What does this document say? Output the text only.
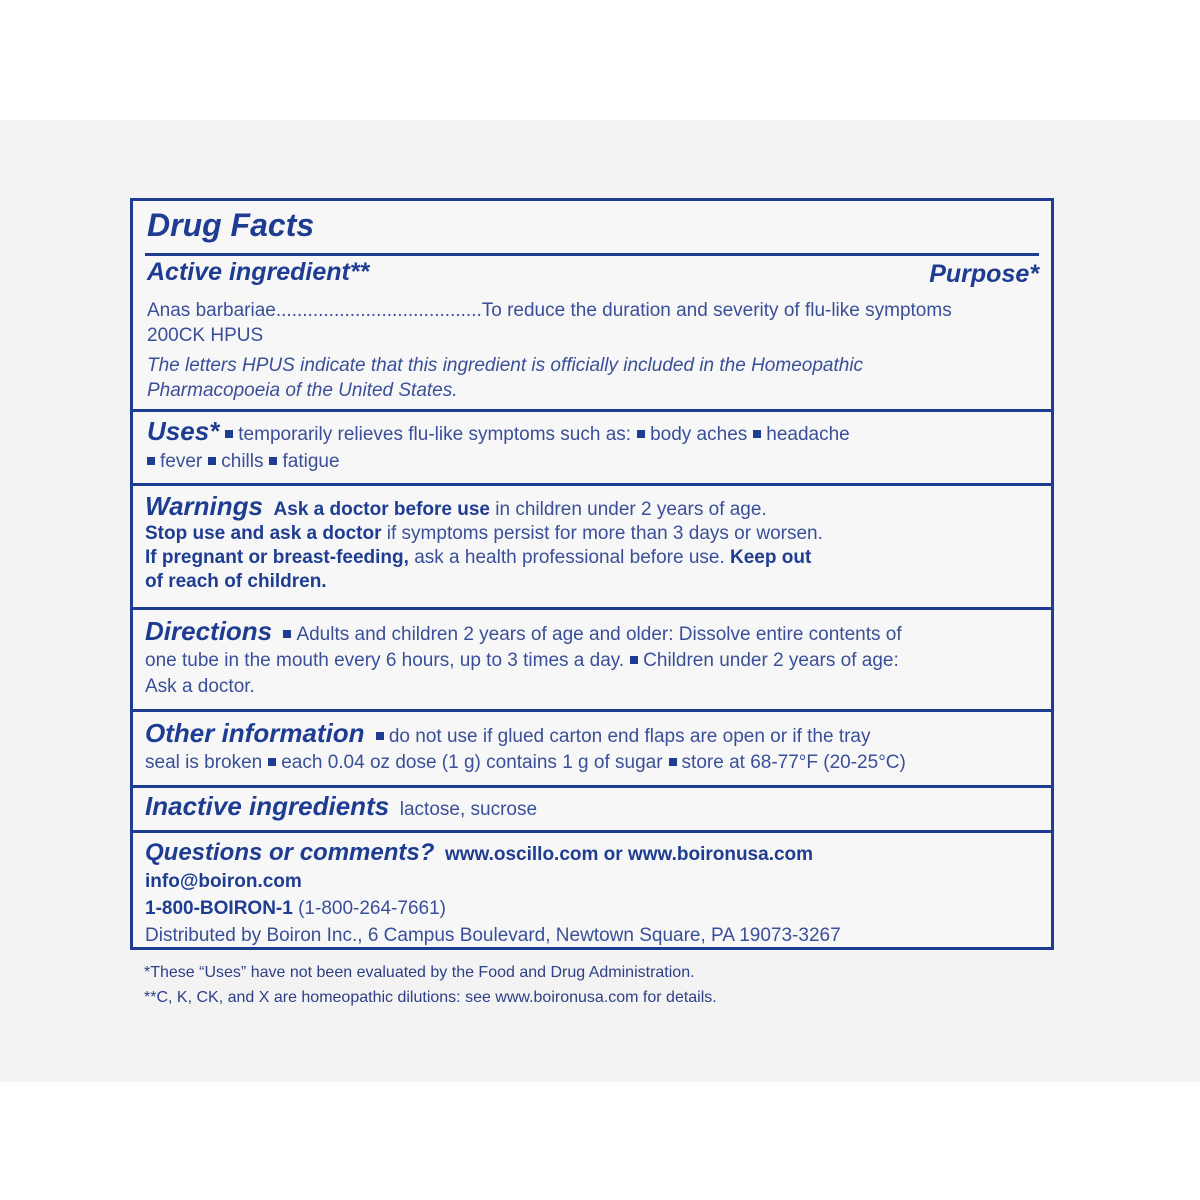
Drug Facts
Active ingredient**	Purpose*
Anas barbariae.......................................To reduce the duration and severity of flu-like symptoms
200CK HPUS
The letters HPUS indicate that this ingredient is officially included in the Homeopathic Pharmacopoeia of the United States.
Uses* temporarily relieves flu-like symptoms such as: body aches headache
fever chills fatigue
Warnings Ask a doctor before use in children under 2 years of age.
Stop use and ask a doctor if symptoms persist for more than 3 days or worsen.
If pregnant or breast-feeding, ask a health professional before use. Keep out
of reach of children.
Directions Adults and children 2 years of age and older: Dissolve entire contents of
one tube in the mouth every 6 hours, up to 3 times a day. Children under 2 years of age:
Ask a doctor.
Other information do not use if glued carton end flaps are open or if the tray
seal is broken each 0.04 oz dose (1 g) contains 1 g of sugar store at 68-77°F (20-25°C)
Inactive ingredients lactose, sucrose
Questions or comments? www.oscillo.com or www.boironusa.com
info@boiron.com
1-800-BOIRON-1 (1-800-264-7661)
Distributed by Boiron Inc., 6 Campus Boulevard, Newtown Square, PA 19073-3267
*These “Uses” have not been evaluated by the Food and Drug Administration.
**C, K, CK, and X are homeopathic dilutions: see www.boironusa.com for details.
